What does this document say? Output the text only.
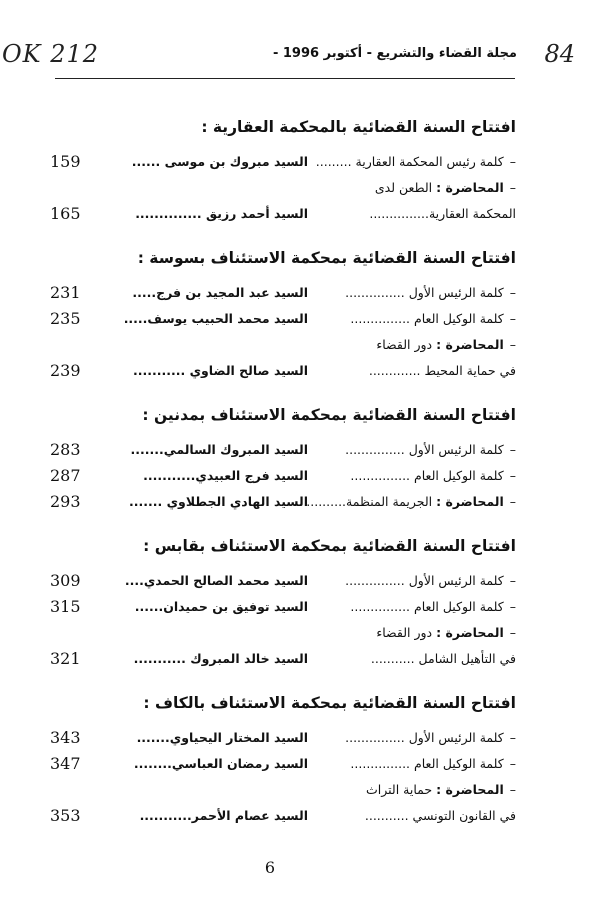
OK 212	84
مجلة القضاء والتشريع - أكتوبر 1996 -
افتتاح السنة القضائية بالمحكمة العقارية :
–كلمة رئيس المحكمة العقارية .........
السيد مبروك بن موسى ......
159
–المحاضرة : الطعن لدى
المحكمة العقارية...............
السيد أحمد رزيق ..............
165
افتتاح السنة القضائية بمحكمة الاستئناف بسوسة :
–كلمة الرئيس الأول ...............
السيد عبد المجيد بن فرج.....
231
–كلمة الوكيل العام ...............
السيد محمد الحبيب يوسف.....
235
–المحاضرة : دور القضاء
في حماية المحيط .............
السيد صالح الضاوي ...........
239
افتتاح السنة القضائية بمحكمة الاستئناف بمدنين :
–كلمة الرئيس الأول ...............
السيد المبروك السالمي.......
283
–كلمة الوكيل العام ...............
السيد فرج العبيدي...........
287
–المحاضرة : الجريمة المنظمة..........
السيد الهادي الجطلاوي .......
293
افتتاح السنة القضائية بمحكمة الاستئناف بقابس :
–كلمة الرئيس الأول ...............
السيد محمد الصالح الحمدي....
309
–كلمة الوكيل العام ...............
السيد توفيق بن حميدان......
315
–المحاضرة : دور القضاء
في التأهيل الشامل ...........
السيد خالد المبروك ...........
321
افتتاح السنة القضائية بمحكمة الاستئناف بالكاف :
–كلمة الرئيس الأول ...............
السيد المختار اليحياوي.......
343
–كلمة الوكيل العام ...............
السيد رمضان العباسي........
347
–المحاضرة : حماية التراث
في القانون التونسي ...........
السيد عصام الأحمر...........
353
6
